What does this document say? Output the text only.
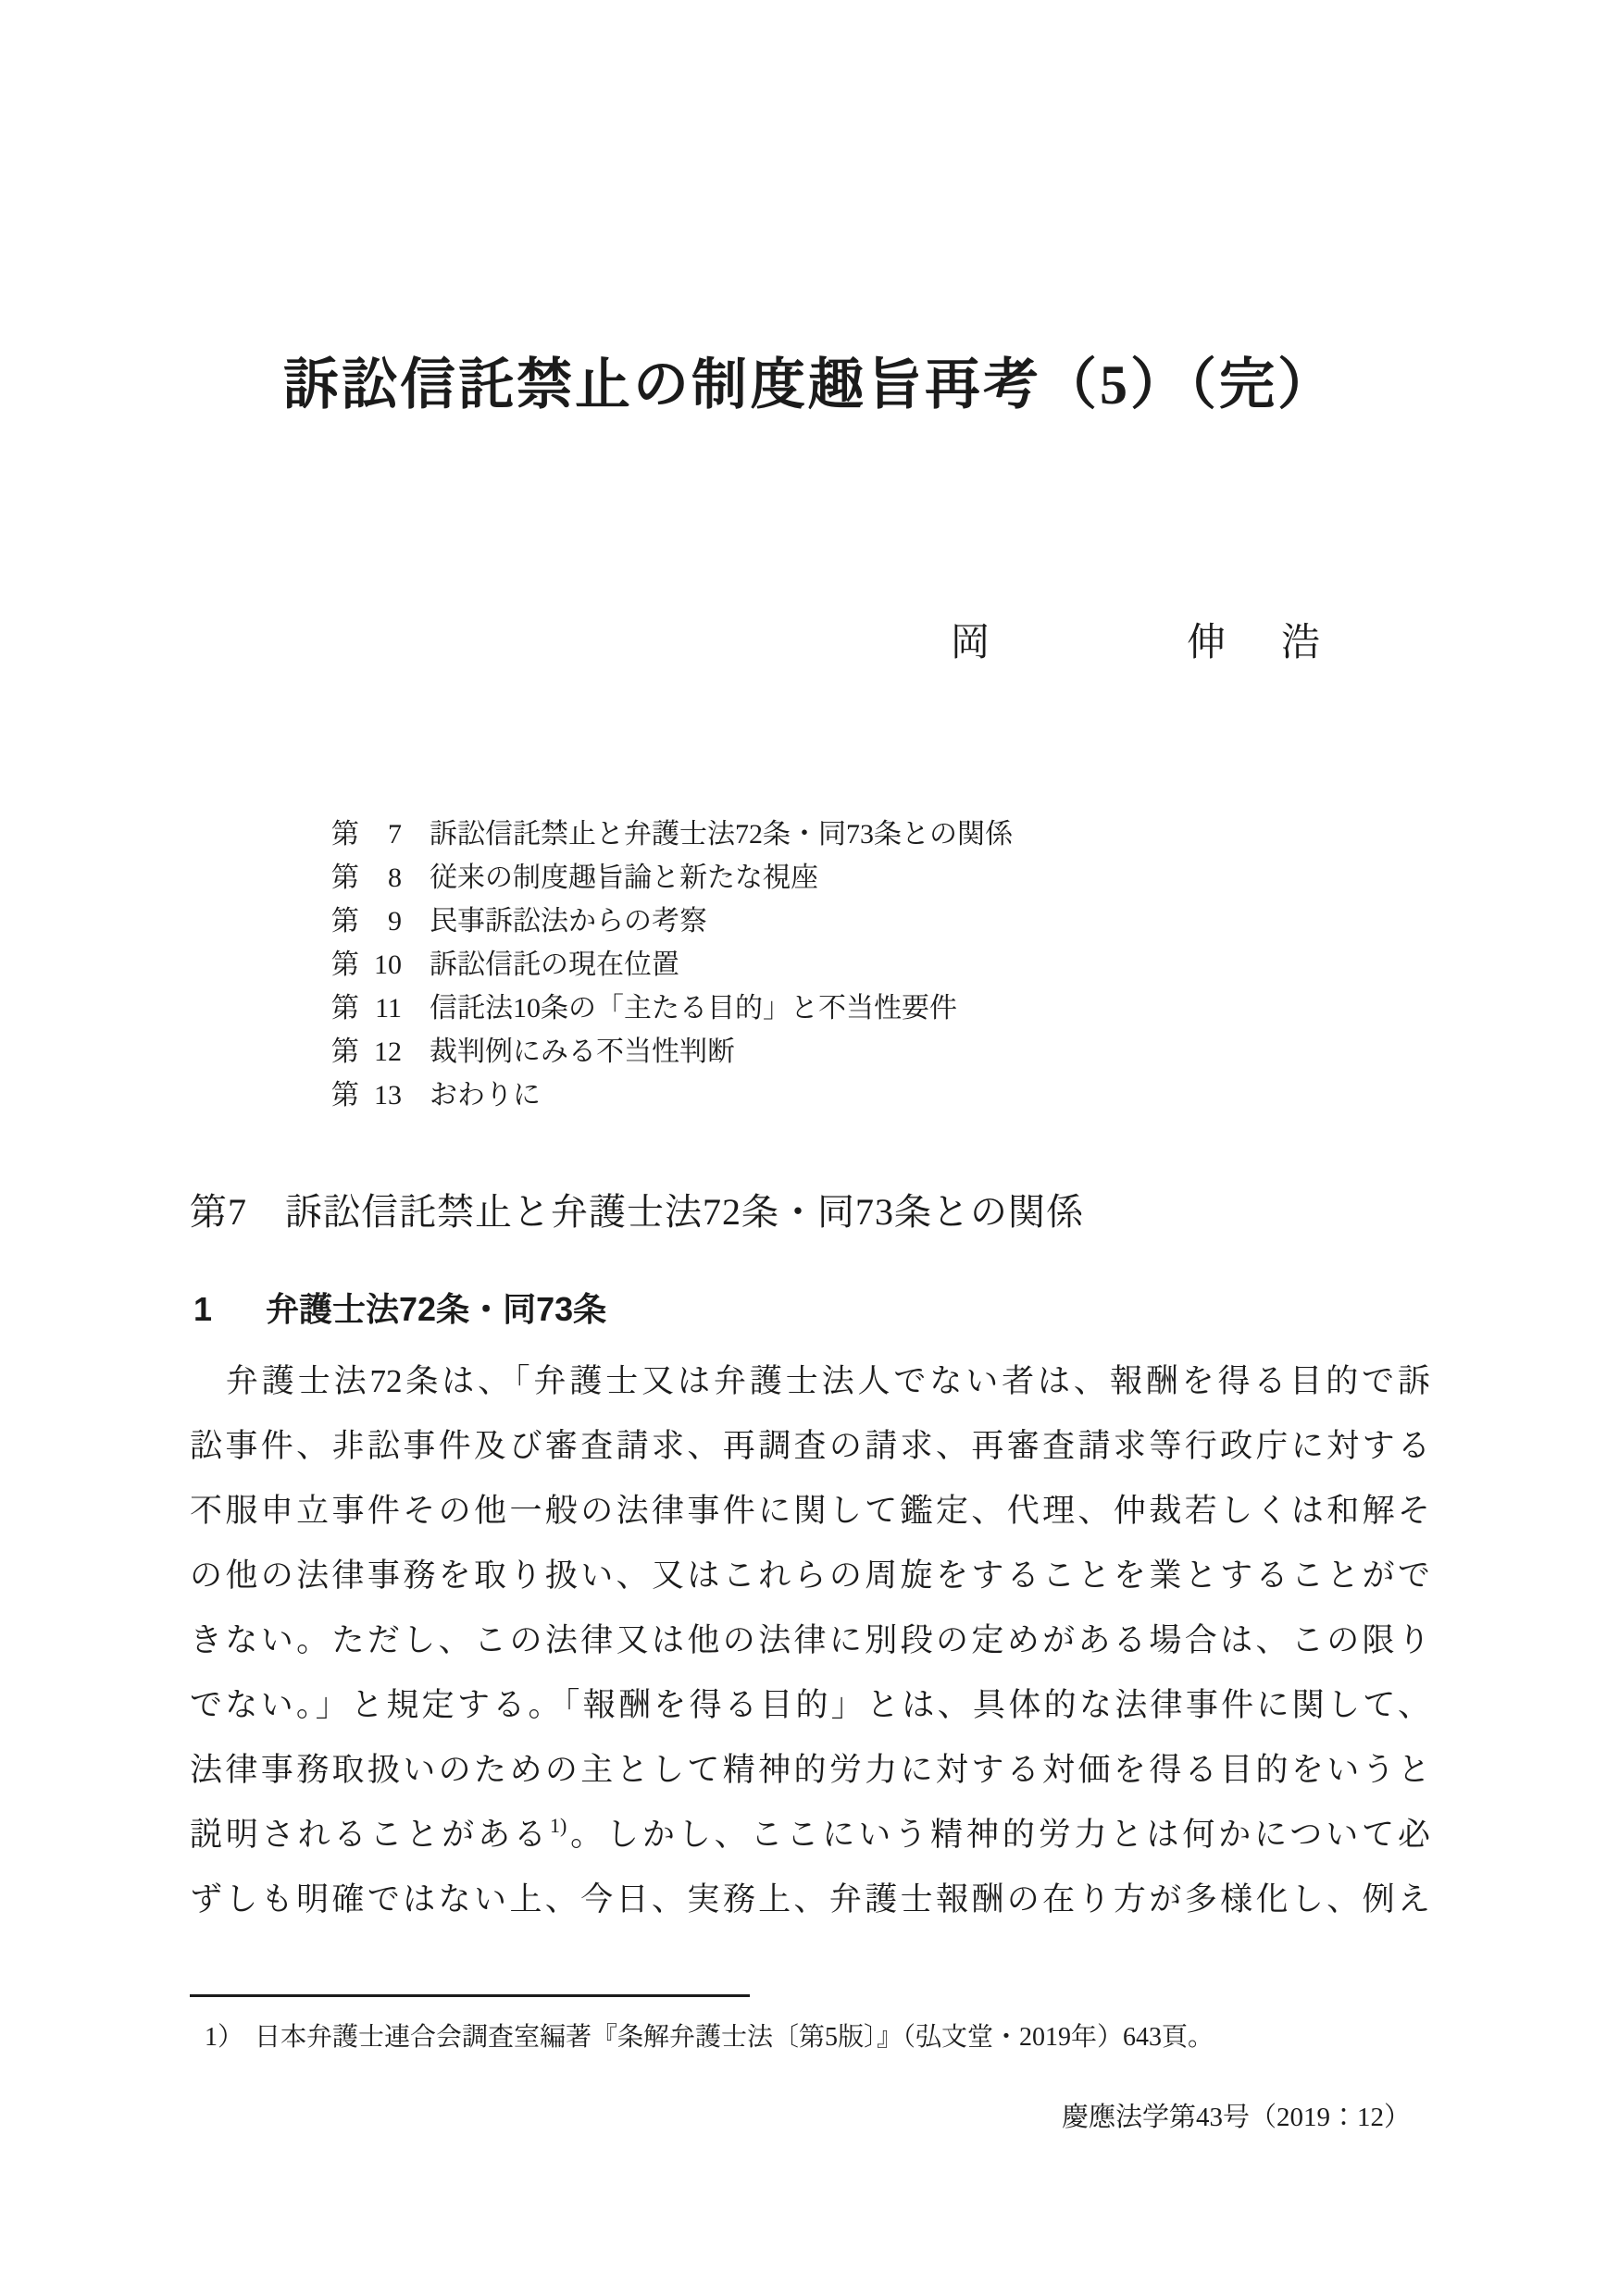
訴訟信託禁止の制度趣旨再考（5）（完）
岡　　　　伸　浩
第	7 訴訟信託禁止と弁護士法72条・同73条との関係
第	8 従来の制度趣旨論と新たな視座
第	9 民事訴訟法からの考察
第 10 訴訟信託の現在位置
第 11 信託法10条の「主たる目的」と不当性要件
第 12 裁判例にみる不当性判断
第 13 おわりに
第7　訴訟信託禁止と弁護士法72条・同73条との関係
1 弁護士法72条・同73条
　弁護士法72条は、「弁護士又は弁護士法人でない者は、報酬を得る目的で訴
訟事件、非訟事件及び審査請求、再調査の請求、再審査請求等行政庁に対する
不服申立事件その他一般の法律事件に関して鑑定、代理、仲裁若しくは和解そ
の他の法律事務を取り扱い、又はこれらの周旋をすることを業とすることがで
きない。ただし、この法律又は他の法律に別段の定めがある場合は、この限り
でない。」と規定する。「報酬を得る目的」とは、具体的な法律事件に関して、
法律事務取扱いのための主として精神的労力に対する対価を得る目的をいうと
説明されることがある$^{1)}$。しかし、ここにいう精神的労力とは何かについて必
ずしも明確ではない上、今日、実務上、弁護士報酬の在り方が多様化し、例え
1） 日本弁護士連合会調査室編著『条解弁護士法〔第5版〕』（弘文堂・2019年）643頁。
慶應法学第43号（2019：12）
